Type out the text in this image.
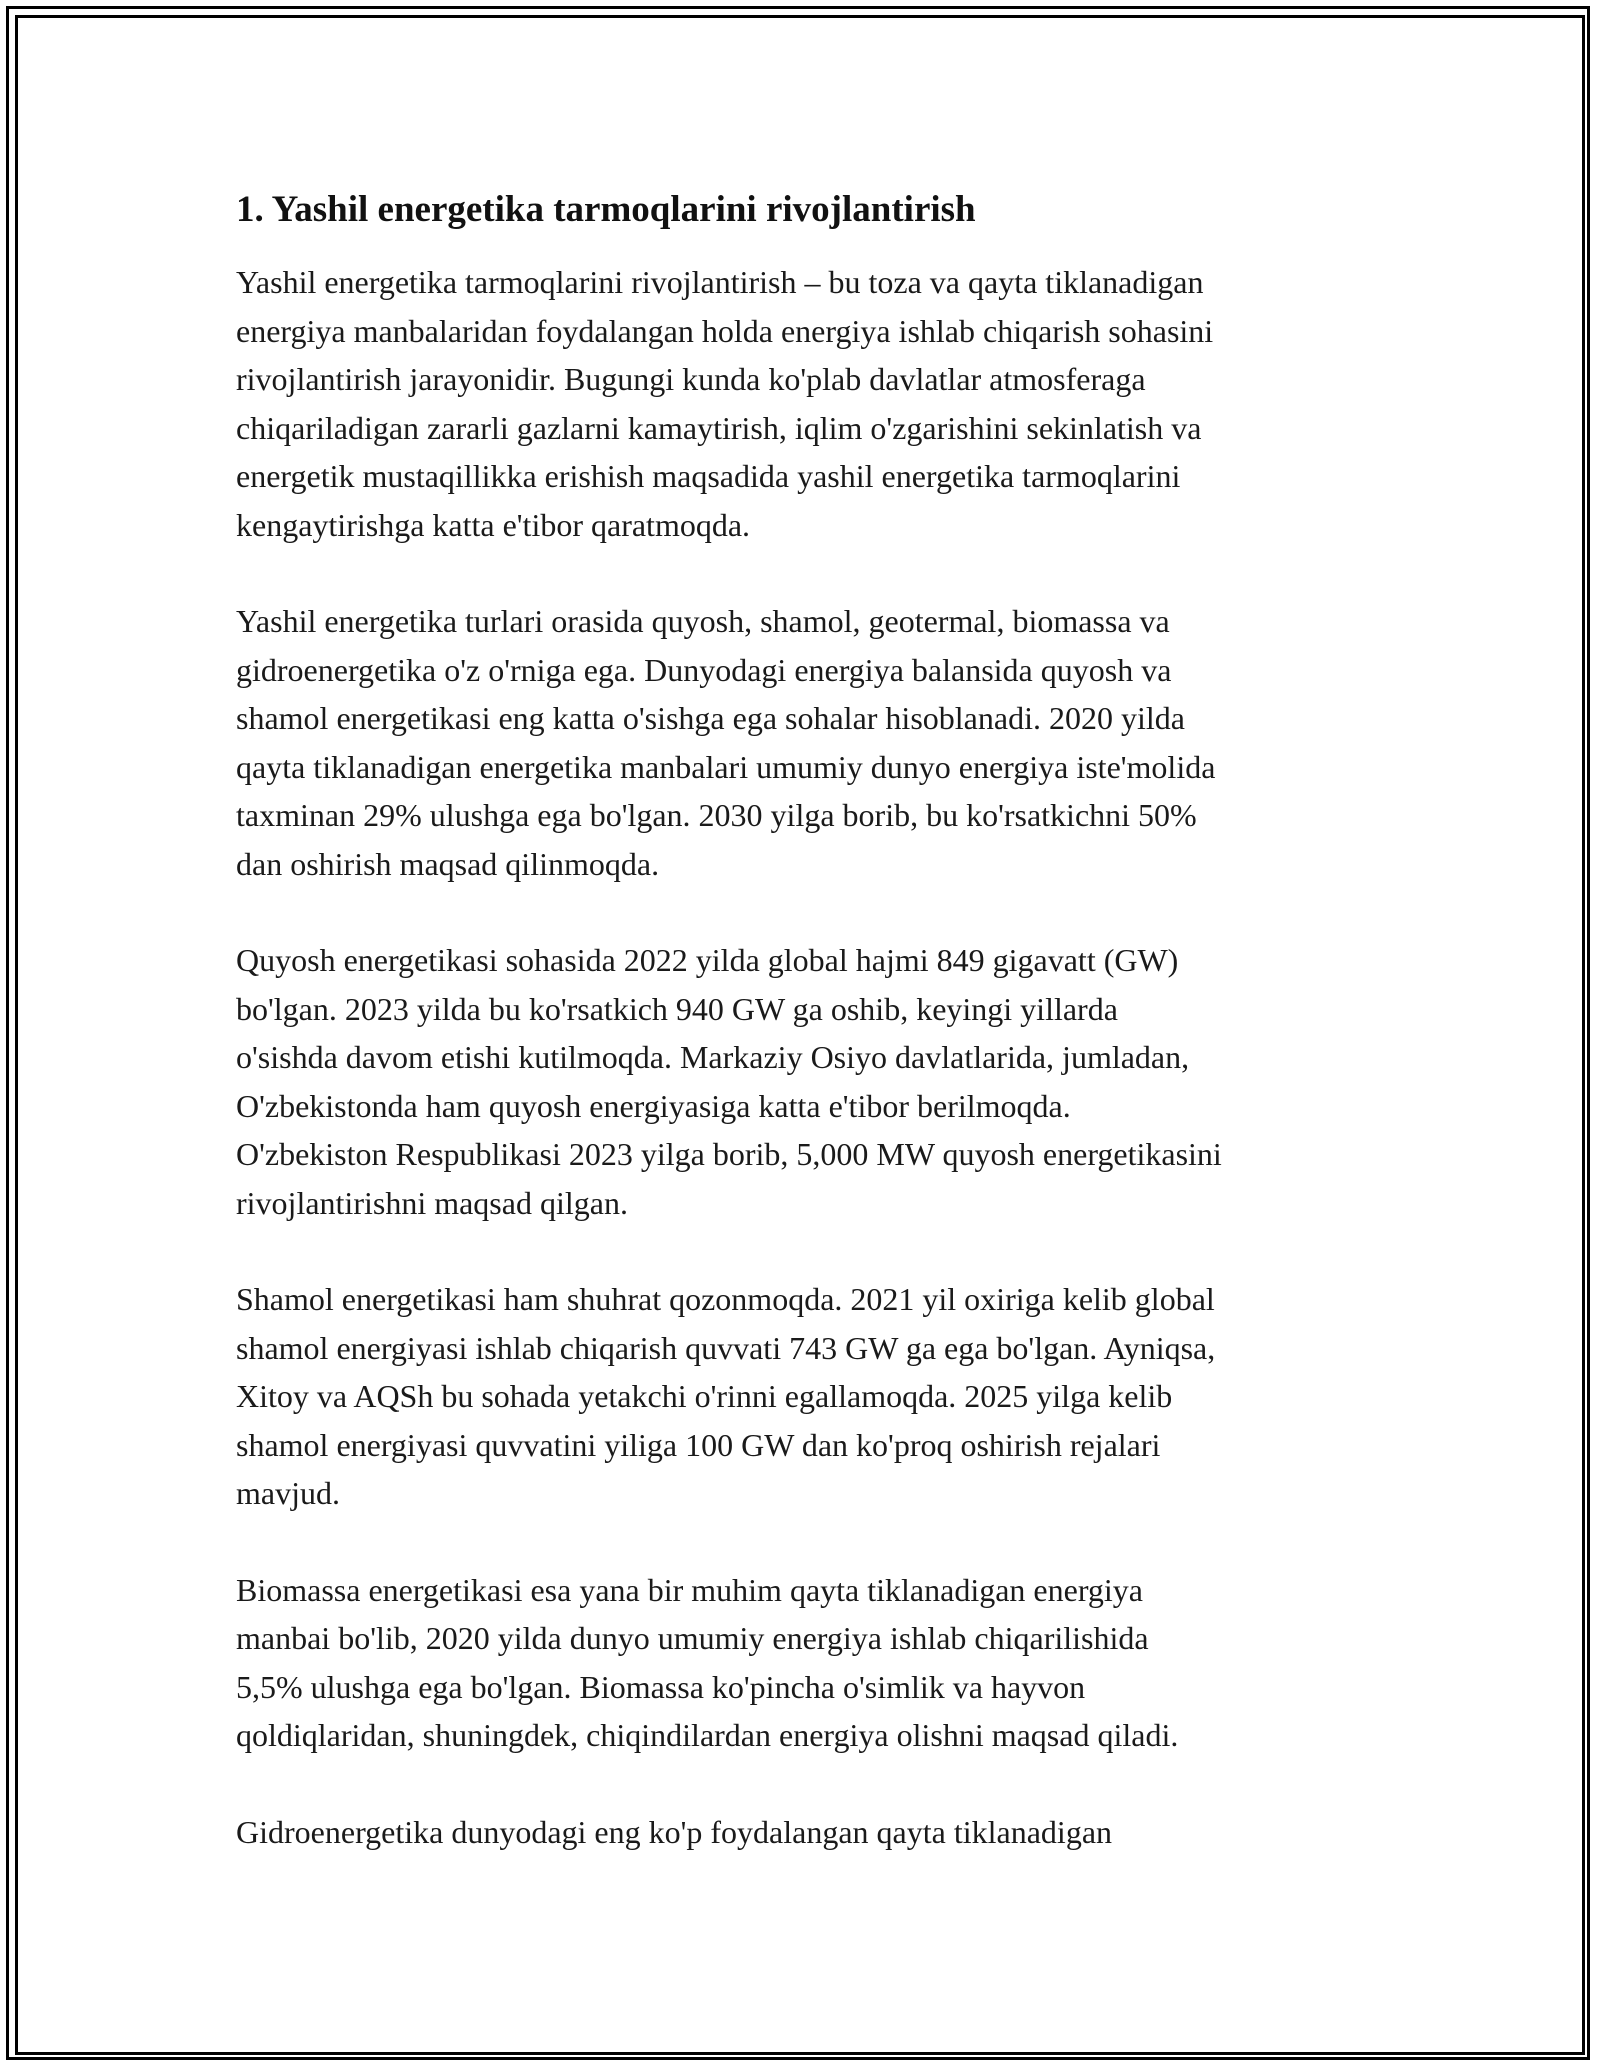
1. Yashil energetika tarmoqlarini rivojlantirish

Yashil energetika tarmoqlarini rivojlantirish – bu toza va qayta tiklanadigan
energiya manbalaridan foydalangan holda energiya ishlab chiqarish sohasini
rivojlantirish jarayonidir. Bugungi kunda ko'plab davlatlar atmosferaga
chiqariladigan zararli gazlarni kamaytirish, iqlim o'zgarishini sekinlatish va
energetik mustaqillikka erishish maqsadida yashil energetika tarmoqlarini
kengaytirishga katta e'tibor qaratmoqda.

Yashil energetika turlari orasida quyosh, shamol, geotermal, biomassa va
gidroenergetika o'z o'rniga ega. Dunyodagi energiya balansida quyosh va
shamol energetikasi eng katta o'sishga ega sohalar hisoblanadi. 2020 yilda
qayta tiklanadigan energetika manbalari umumiy dunyo energiya iste'molida
taxminan 29% ulushga ega bo'lgan. 2030 yilga borib, bu ko'rsatkichni 50%
dan oshirish maqsad qilinmoqda.

Quyosh energetikasi sohasida 2022 yilda global hajmi 849 gigavatt (GW)
bo'lgan. 2023 yilda bu ko'rsatkich 940 GW ga oshib, keyingi yillarda
o'sishda davom etishi kutilmoqda. Markaziy Osiyo davlatlarida, jumladan,
O'zbekistonda ham quyosh energiyasiga katta e'tibor berilmoqda.
O'zbekiston Respublikasi 2023 yilga borib, 5,000 MW quyosh energetikasini
rivojlantirishni maqsad qilgan.

Shamol energetikasi ham shuhrat qozonmoqda. 2021 yil oxiriga kelib global
shamol energiyasi ishlab chiqarish quvvati 743 GW ga ega bo'lgan. Ayniqsa,
Xitoy va AQSh bu sohada yetakchi o'rinni egallamoqda. 2025 yilga kelib
shamol energiyasi quvvatini yiliga 100 GW dan ko'proq oshirish rejalari
mavjud.

Biomassa energetikasi esa yana bir muhim qayta tiklanadigan energiya
manbai bo'lib, 2020 yilda dunyo umumiy energiya ishlab chiqarilishida
5,5% ulushga ega bo'lgan. Biomassa ko'pincha o'simlik va hayvon
qoldiqlaridan, shuningdek, chiqindilardan energiya olishni maqsad qiladi.

Gidroenergetika dunyodagi eng ko'p foydalangan qayta tiklanadigan
